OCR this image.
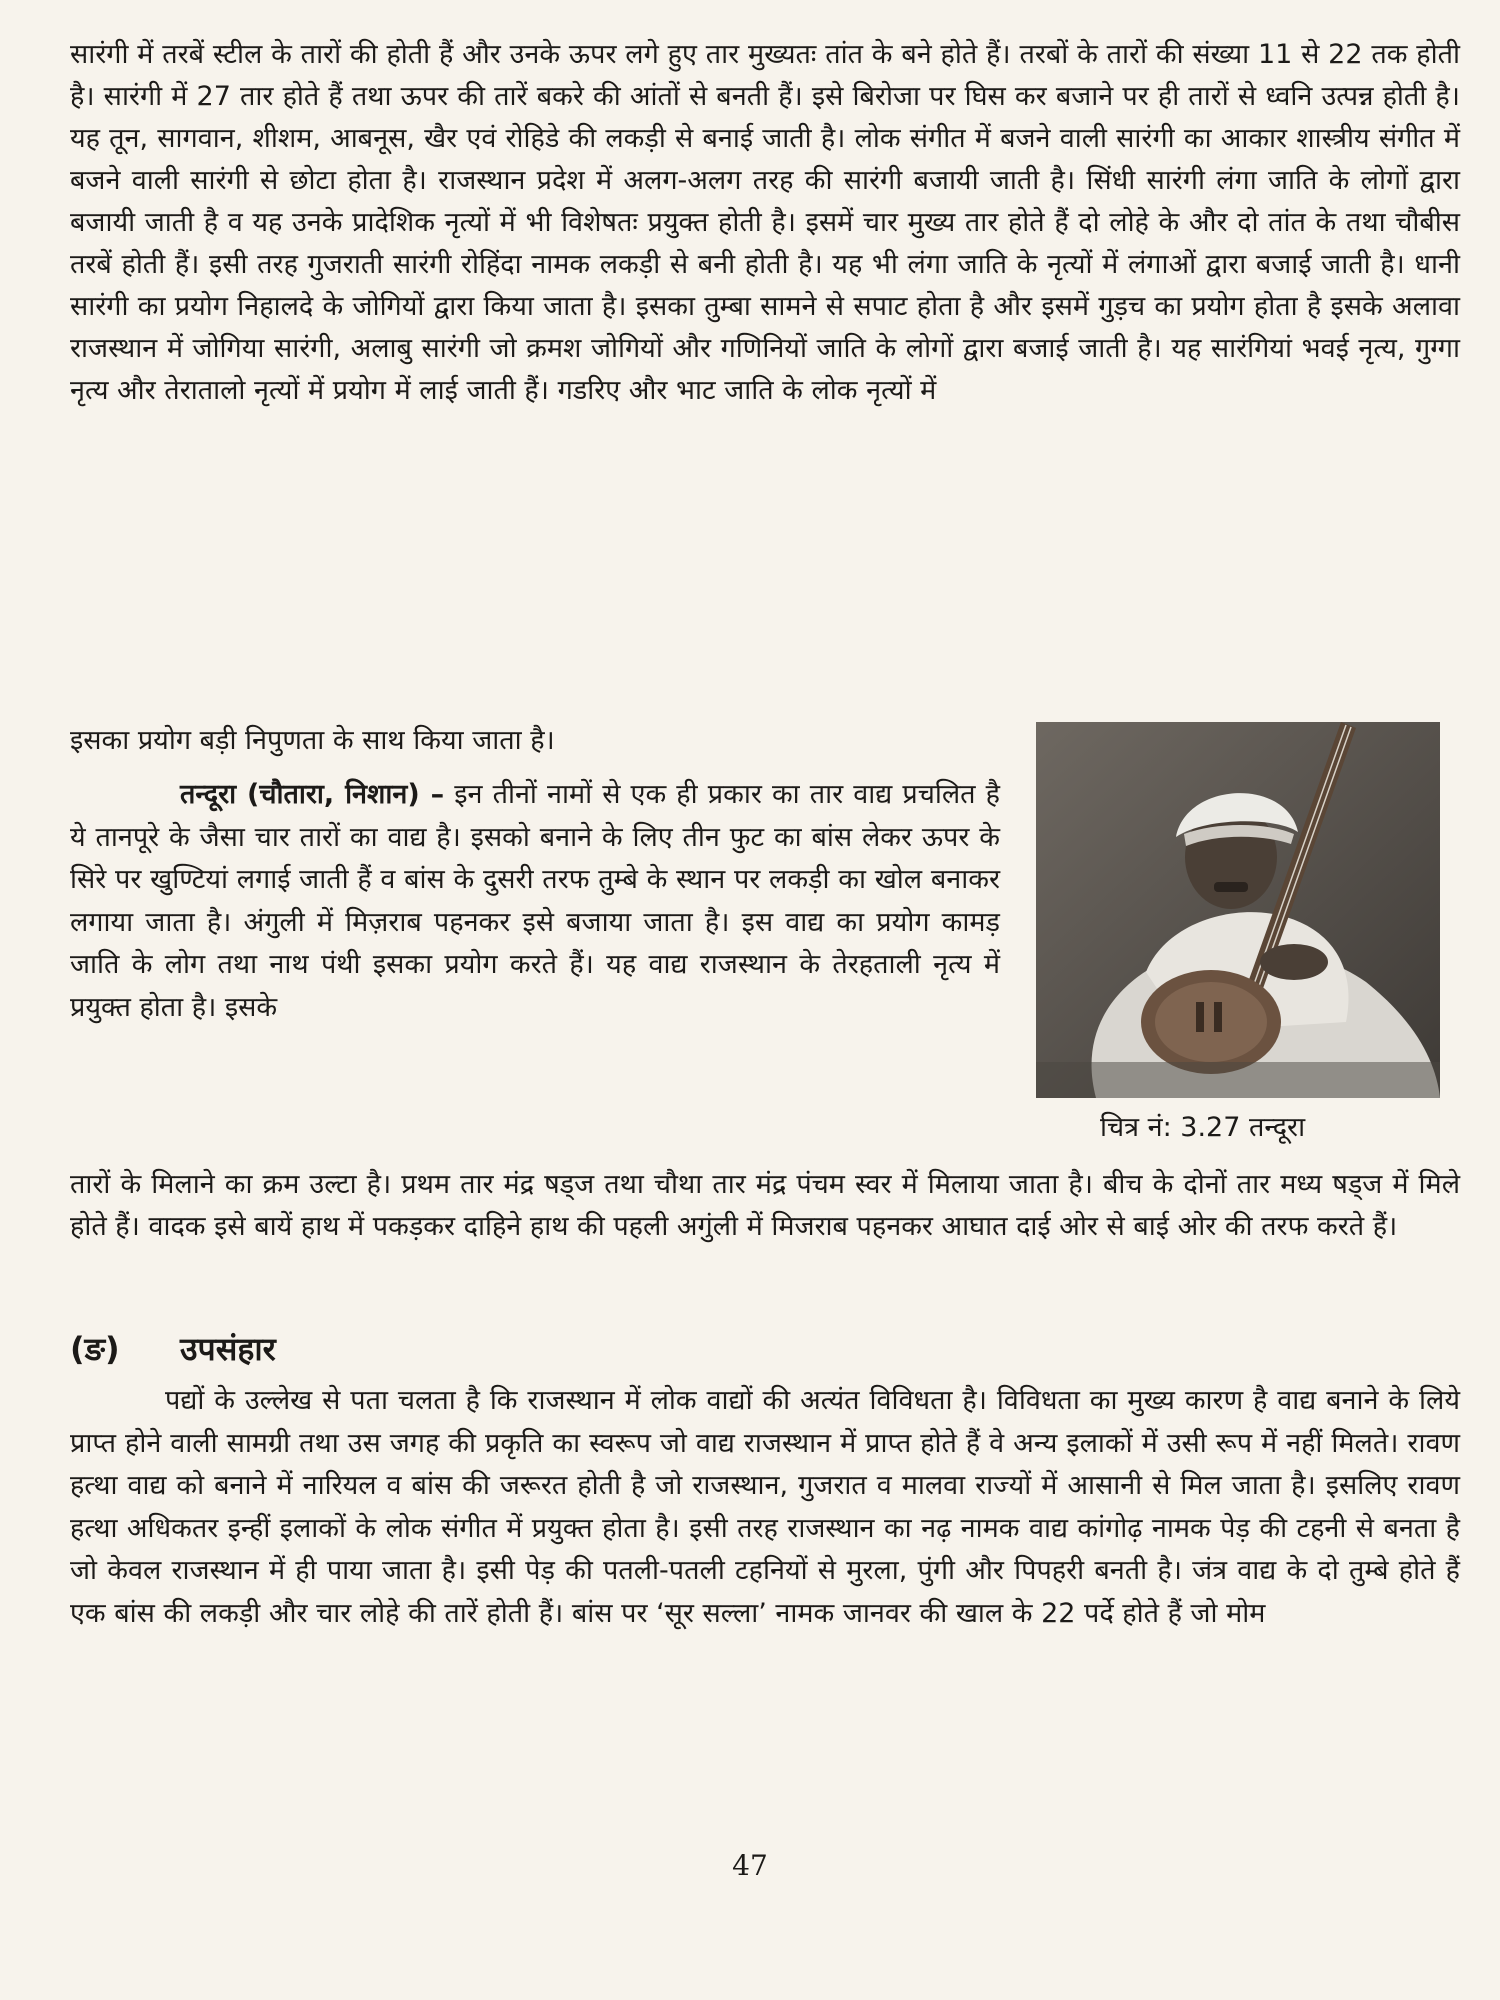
सारंगी में तरबें स्टील के तारों की होती हैं और उनके ऊपर लगे हुए तार मुख्यतः तांत के बने होते हैं। तरबों के तारों की संख्या 11 से 22 तक होती है। सारंगी में 27 तार होते हैं तथा ऊपर की तारें बकरे की आंतों से बनती हैं। इसे बिरोजा पर घिस कर बजाने पर ही तारों से ध्वनि उत्पन्न होती है। यह तून, सागवान, शीशम, आबनूस, खैर एवं रोहिडे की लकड़ी से बनाई जाती है। लोक संगीत में बजने वाली सारंगी का आकार शास्त्रीय संगीत में बजने वाली सारंगी से छोटा होता है। राजस्थान प्रदेश में अलग-अलग तरह की सारंगी बजायी जाती है। सिंधी सारंगी लंगा जाति के लोगों द्वारा बजायी जाती है व यह उनके प्रादेशिक नृत्यों में भी विशेषतः प्रयुक्त होती है। इसमें चार मुख्य तार होते हैं दो लोहे के और दो तांत के तथा चौबीस तरबें होती हैं। इसी तरह गुजराती सारंगी रोहिंदा नामक लकड़ी से बनी होती है। यह भी लंगा जाति के नृत्यों में लंगाओं द्वारा बजाई जाती है। धानी सारंगी का प्रयोग निहालदे के जोगियों द्वारा किया जाता है। इसका तुम्बा सामने से सपाट होता है और इसमें गुड़च का प्रयोग होता है इसके अलावा राजस्थान में जोगिया सारंगी, अलाबु सारंगी जो क्रमश जोगियों और गणिनियों जाति के लोगों द्वारा बजाई जाती है। यह सारंगियां भवई नृत्य, गुग्गा नृत्य और तेरातालो नृत्यों में प्रयोग में लाई जाती हैं। गडरिए और भाट जाति के लोक नृत्यों में

इसका प्रयोग बड़ी निपुणता के साथ किया जाता है।

तन्दूरा (चौतारा, निशान) – इन तीनों नामों से एक ही प्रकार का तार वाद्य प्रचलित है ये तानपूरे के जैसा चार तारों का वाद्य है। इसको बनाने के लिए तीन फुट का बांस लेकर ऊपर के सिरे पर खुण्टियां लगाई जाती हैं व बांस के दुसरी तरफ तुम्बे के स्थान पर लकड़ी का खोल बनाकर लगाया जाता है। अंगुली में मिज़राब पहनकर इसे बजाया जाता है। इस वाद्य का प्रयोग कामड़ जाति के लोग तथा नाथ पंथी इसका प्रयोग करते हैं। यह वाद्य राजस्थान के तेरहताली नृत्य में प्रयुक्त होता है। इसके

चित्र नं: 3.27 तन्दूरा

तारों के मिलाने का क्रम उल्टा है। प्रथम तार मंद्र षड्ज तथा चौथा तार मंद्र पंचम स्वर में मिलाया जाता है। बीच के दोनों तार मध्य षड्ज में मिले होते हैं। वादक इसे बायें हाथ में पकड़कर दाहिने हाथ की पहली अगुंली में मिजराब पहनकर आघात दाई ओर से बाई ओर की तरफ करते हैं।

(ङ) उपसंहार

पद्यों के उल्लेख से पता चलता है कि राजस्थान में लोक वाद्यों की अत्यंत विविधता है। विविधता का मुख्य कारण है वाद्य बनाने के लिये प्राप्त होने वाली सामग्री तथा उस जगह की प्रकृति का स्वरूप जो वाद्य राजस्थान में प्राप्त होते हैं वे अन्य इलाकों में उसी रूप में नहीं मिलते। रावण हत्था वाद्य को बनाने में नारियल व बांस की जरूरत होती है जो राजस्थान, गुजरात व मालवा राज्यों में आसानी से मिल जाता है। इसलिए रावण हत्था अधिकतर इन्हीं इलाकों के लोक संगीत में प्रयुक्त होता है। इसी तरह राजस्थान का नढ़ नामक वाद्य कांगोढ़ नामक पेड़ की टहनी से बनता है जो केवल राजस्थान में ही पाया जाता है। इसी पेड़ की पतली-पतली टहनियों से मुरला, पुंगी और पिपहरी बनती है। जंत्र वाद्य के दो तुम्बे होते हैं एक बांस की लकड़ी और चार लोहे की तारें होती हैं। बांस पर ‘सूर सल्ला’ नामक जानवर की खाल के 22 पर्दे होते हैं जो मोम

47
